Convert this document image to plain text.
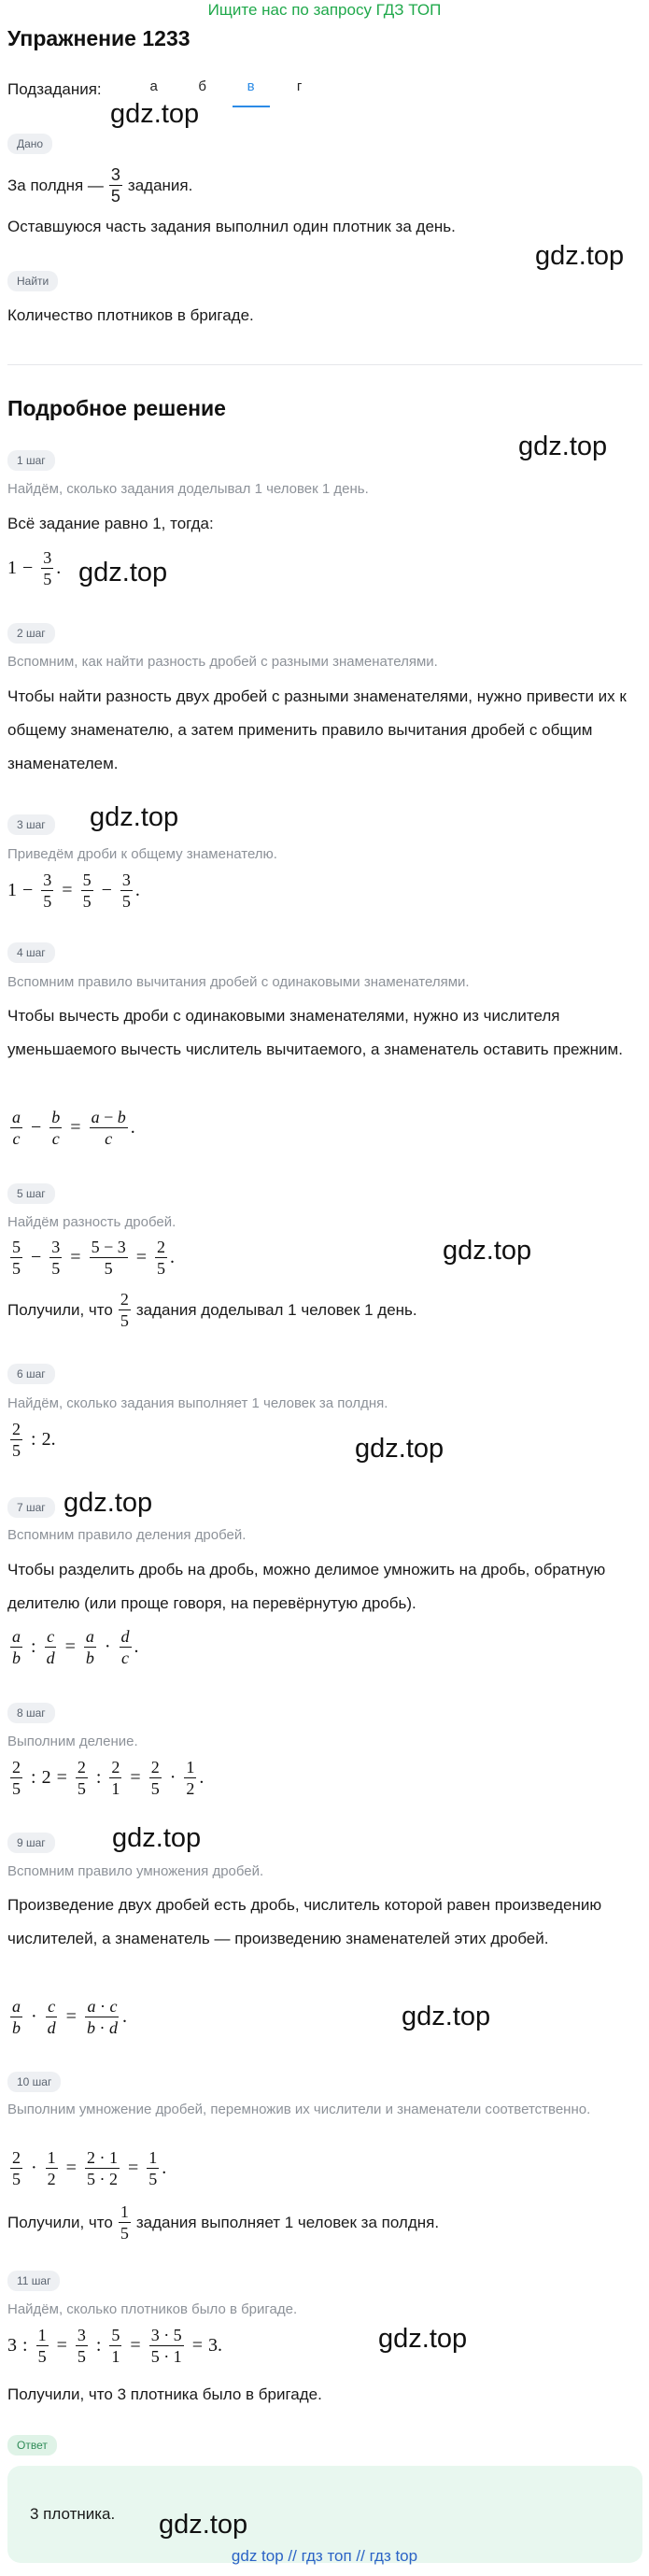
Ищите нас по запросу ГДЗ ТОП
Упражнение 1233
Подзадания:	а	б	в	г
gdz.top
Дано
За полдня — $\frac{3}{5}$ задания.
Оставшуюся часть задания выполнил один плотник за день.
gdz.top
Найти
Количество плотников в бригаде.
Подробное решение
gdz.top
1 шаг
Найдём, сколько задания доделывал 1 человек 1 день.
Всё задание равно 1, тогда:
$1 - \frac{3}{5}$ . gdz.top
2 шаг
Вспомним, как найти разность дробей с разными знаменателями.
Чтобы найти разность двух дробей с разными знаменателями, нужно привести их к общему знаменателю, а затем применить правило вычитания дробей с общим знаменателем.
gdz.top
3 шаг
Приведём дроби к общему знаменателю.
$1 - \frac{3}{5} = \frac{5}{5} - \frac{3}{5}$ .
4 шаг
Вспомним правило вычитания дробей с одинаковыми знаменателями.
Чтобы вычесть дроби с одинаковыми знаменателями, нужно из числителя уменьшаемого вычесть числитель вычитаемого, а знаменатель оставить прежним.
$\frac{a}{c} - \frac{b}{c} = \frac{a - b}{c}$ .
5 шаг
Найдём разность дробей.
gdz.top
$\frac{5}{5} - \frac{3}{5} = \frac{5 - 3}{5} = \frac{2}{5}$ .
Получили, что $\frac{2}{5}$ задания доделывал 1 человек 1 день.
6 шаг
Найдём, сколько задания выполняет 1 человек за полдня.
$\frac{2}{5}$ : 2.	gdz.top
gdz.top
7 шаг
Вспомним правило деления дробей.
Чтобы разделить дробь на дробь, можно делимое умножить на дробь, обратную делителю (или проще говоря, на перевёрнутую дробь).
$\frac{a}{b}$ : $\frac{c}{d} = \frac{a}{b} \cdot \frac{d}{c}$ .
8 шаг
Выполним деление.
$\frac{2}{5}$ : $2 = \frac{2}{5}$ : $\frac{2}{1} = \frac{2}{5} \cdot \frac{1}{2}$ .
gdz.top
9 шаг
Вспомним правило умножения дробей.
Произведение двух дробей есть дробь, числитель которой равен произведению числителей, а знаменатель — произведению знаменателей этих дробей.
$\frac{a}{b} \cdot \frac{c}{d} = \frac{a \cdot c}{b \cdot d}$ .	gdz.top
10 шаг
Выполним умножение дробей, перемножив их числители и знаменатели соответственно.
$\frac{2}{5} \cdot \frac{1}{2} = \frac{2 \cdot 1}{5 \cdot 2} = \frac{1}{5}$ .
Получили, что $\frac{1}{5}$ задания выполняет 1 человек за полдня.
11 шаг
Найдём, сколько плотников было в бригаде.
gdz.top
3 : $\frac{1}{5} = \frac{3}{5}$ : $\frac{5}{1} = \frac{3 \cdot 5}{5 \cdot 1} = 3$.
Получили, что 3 плотника было в бригаде.
Ответ
3 плотника.	gdz.top
gdz top // гдз топ // гдз top
